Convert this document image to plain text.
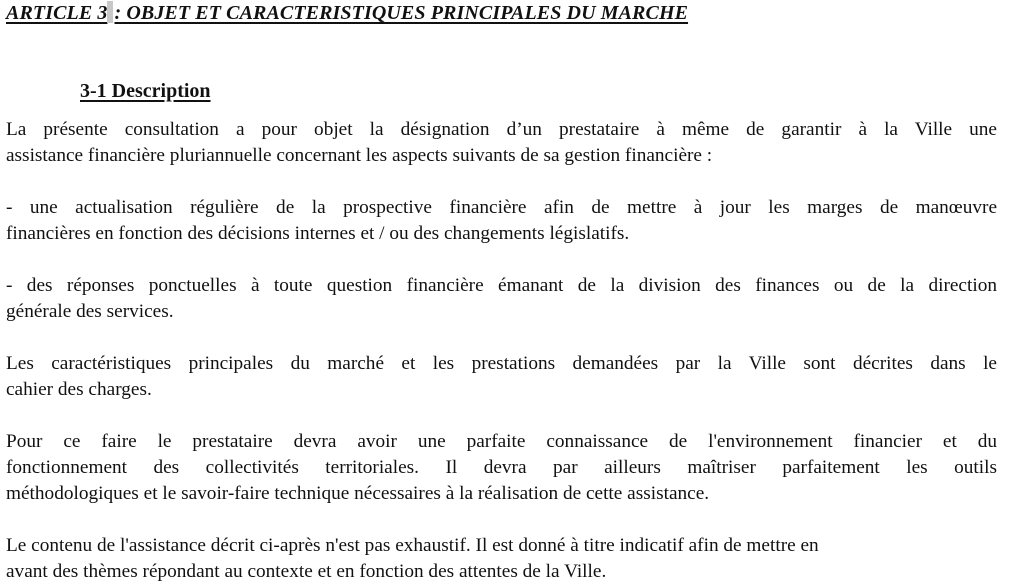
ARTICLE 3 : OBJET ET CARACTERISTIQUES PRINCIPALES DU MARCHE
3-1 Description

La présente consultation a pour objet la désignation d’un prestataire à même de garantir à la Ville une
assistance financière pluriannuelle concernant les aspects suivants de sa gestion financière :

- une actualisation régulière de la prospective financière afin de mettre à jour les marges de manœuvre
financières en fonction des décisions internes et / ou des changements législatifs.

- des réponses ponctuelles à toute question financière émanant de la division des finances ou de la direction
générale des services.

Les caractéristiques principales du marché et les prestations demandées par la Ville sont décrites dans le
cahier des charges.

Pour ce faire le prestataire devra avoir une parfaite connaissance de l'environnement financier et du
fonctionnement des collectivités territoriales. Il devra par ailleurs maîtriser parfaitement les outils
méthodologiques et le savoir-faire technique nécessaires à la réalisation de cette assistance.

Le contenu de l'assistance décrit ci-après n'est pas exhaustif. Il est donné à titre indicatif afin de mettre en
avant des thèmes répondant au contexte et en fonction des attentes de la Ville.
